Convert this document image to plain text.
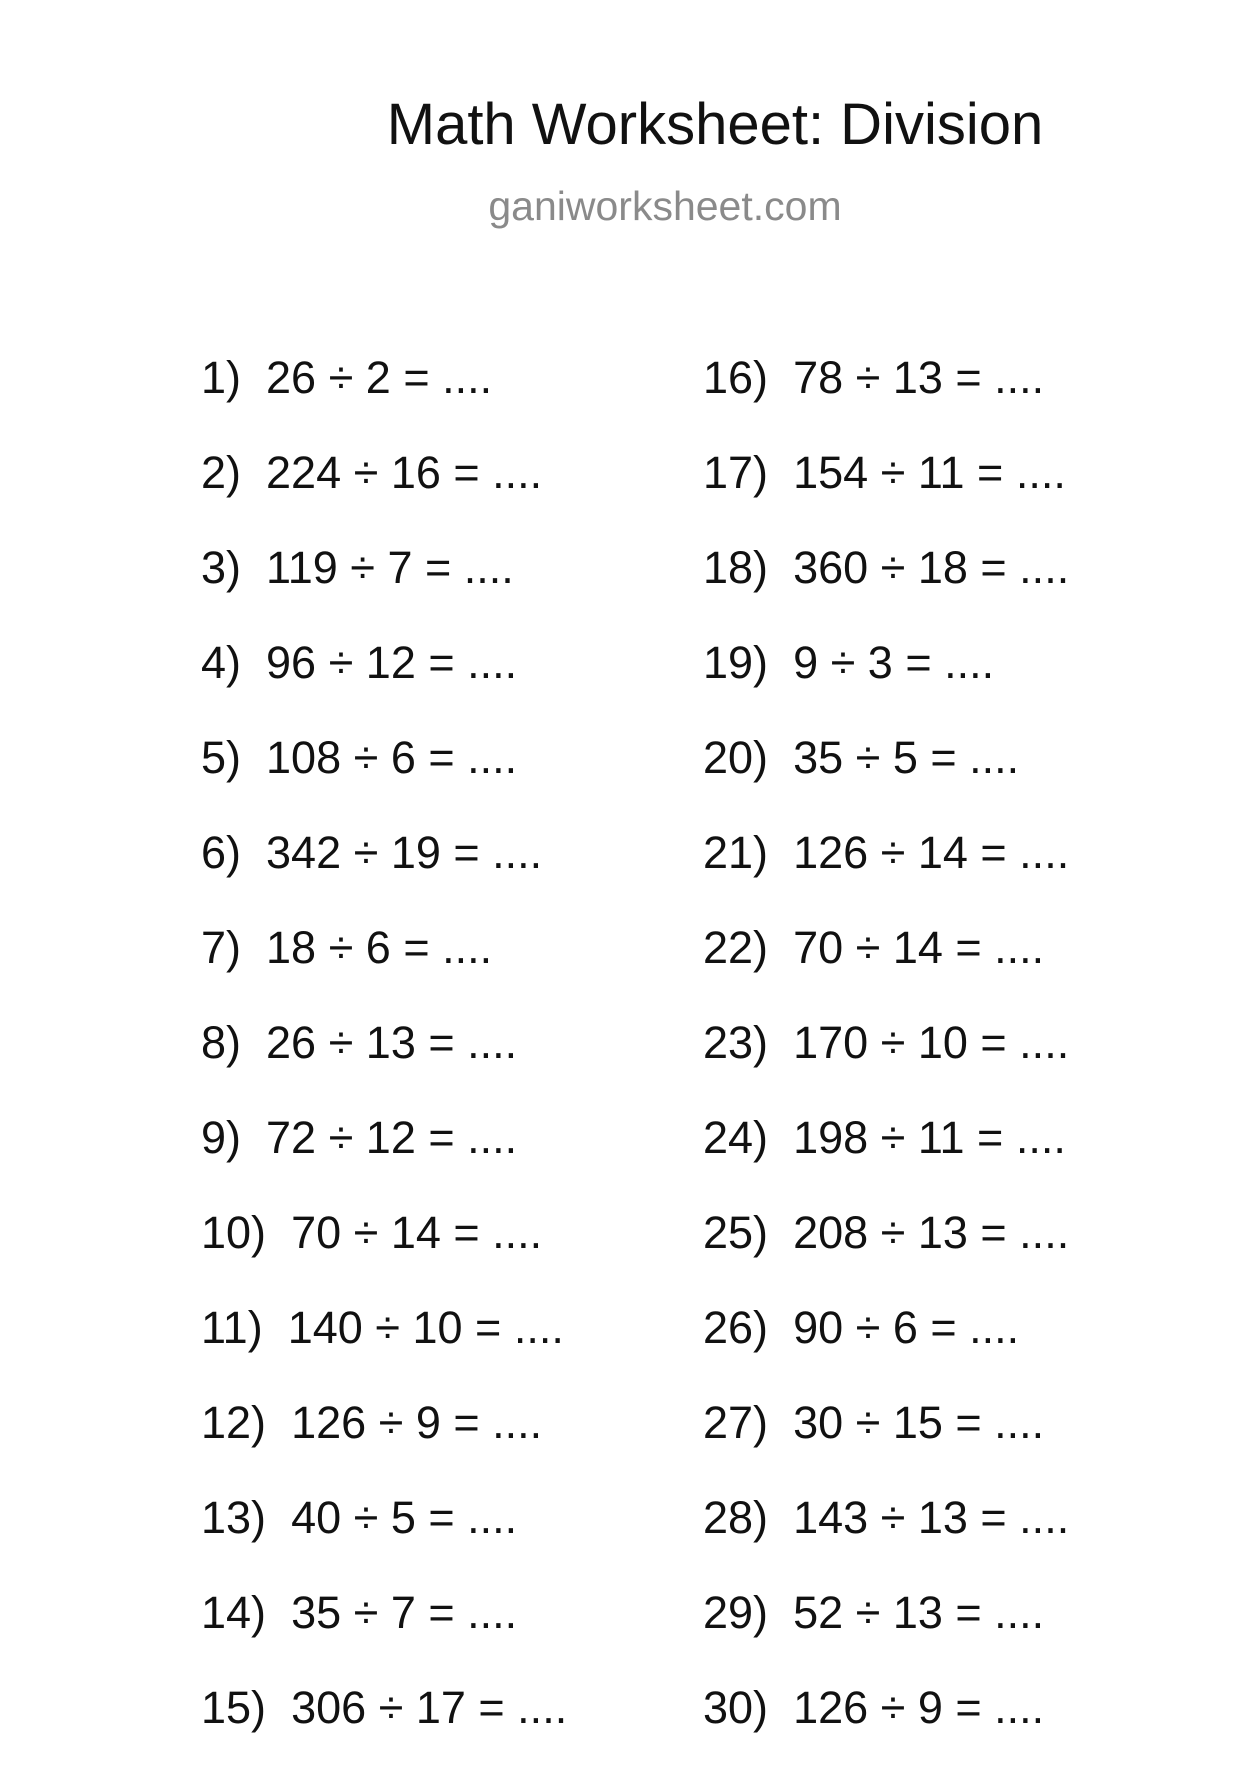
Math Worksheet: Division
ganiworksheet.com
1) 26 ÷ 2 = ....
2) 224 ÷ 16 = ....
3) 119 ÷ 7 = ....
4) 96 ÷ 12 = ....
5) 108 ÷ 6 = ....
6) 342 ÷ 19 = ....
7) 18 ÷ 6 = ....
8) 26 ÷ 13 = ....
9) 72 ÷ 12 = ....
10) 70 ÷ 14 = ....
11) 140 ÷ 10 = ....
12) 126 ÷ 9 = ....
13) 40 ÷ 5 = ....
14) 35 ÷ 7 = ....
15) 306 ÷ 17 = ....
16) 78 ÷ 13 = ....
17) 154 ÷ 11 = ....
18) 360 ÷ 18 = ....
19) 9 ÷ 3 = ....
20) 35 ÷ 5 = ....
21) 126 ÷ 14 = ....
22) 70 ÷ 14 = ....
23) 170 ÷ 10 = ....
24) 198 ÷ 11 = ....
25) 208 ÷ 13 = ....
26) 90 ÷ 6 = ....
27) 30 ÷ 15 = ....
28) 143 ÷ 13 = ....
29) 52 ÷ 13 = ....
30) 126 ÷ 9 = ....
